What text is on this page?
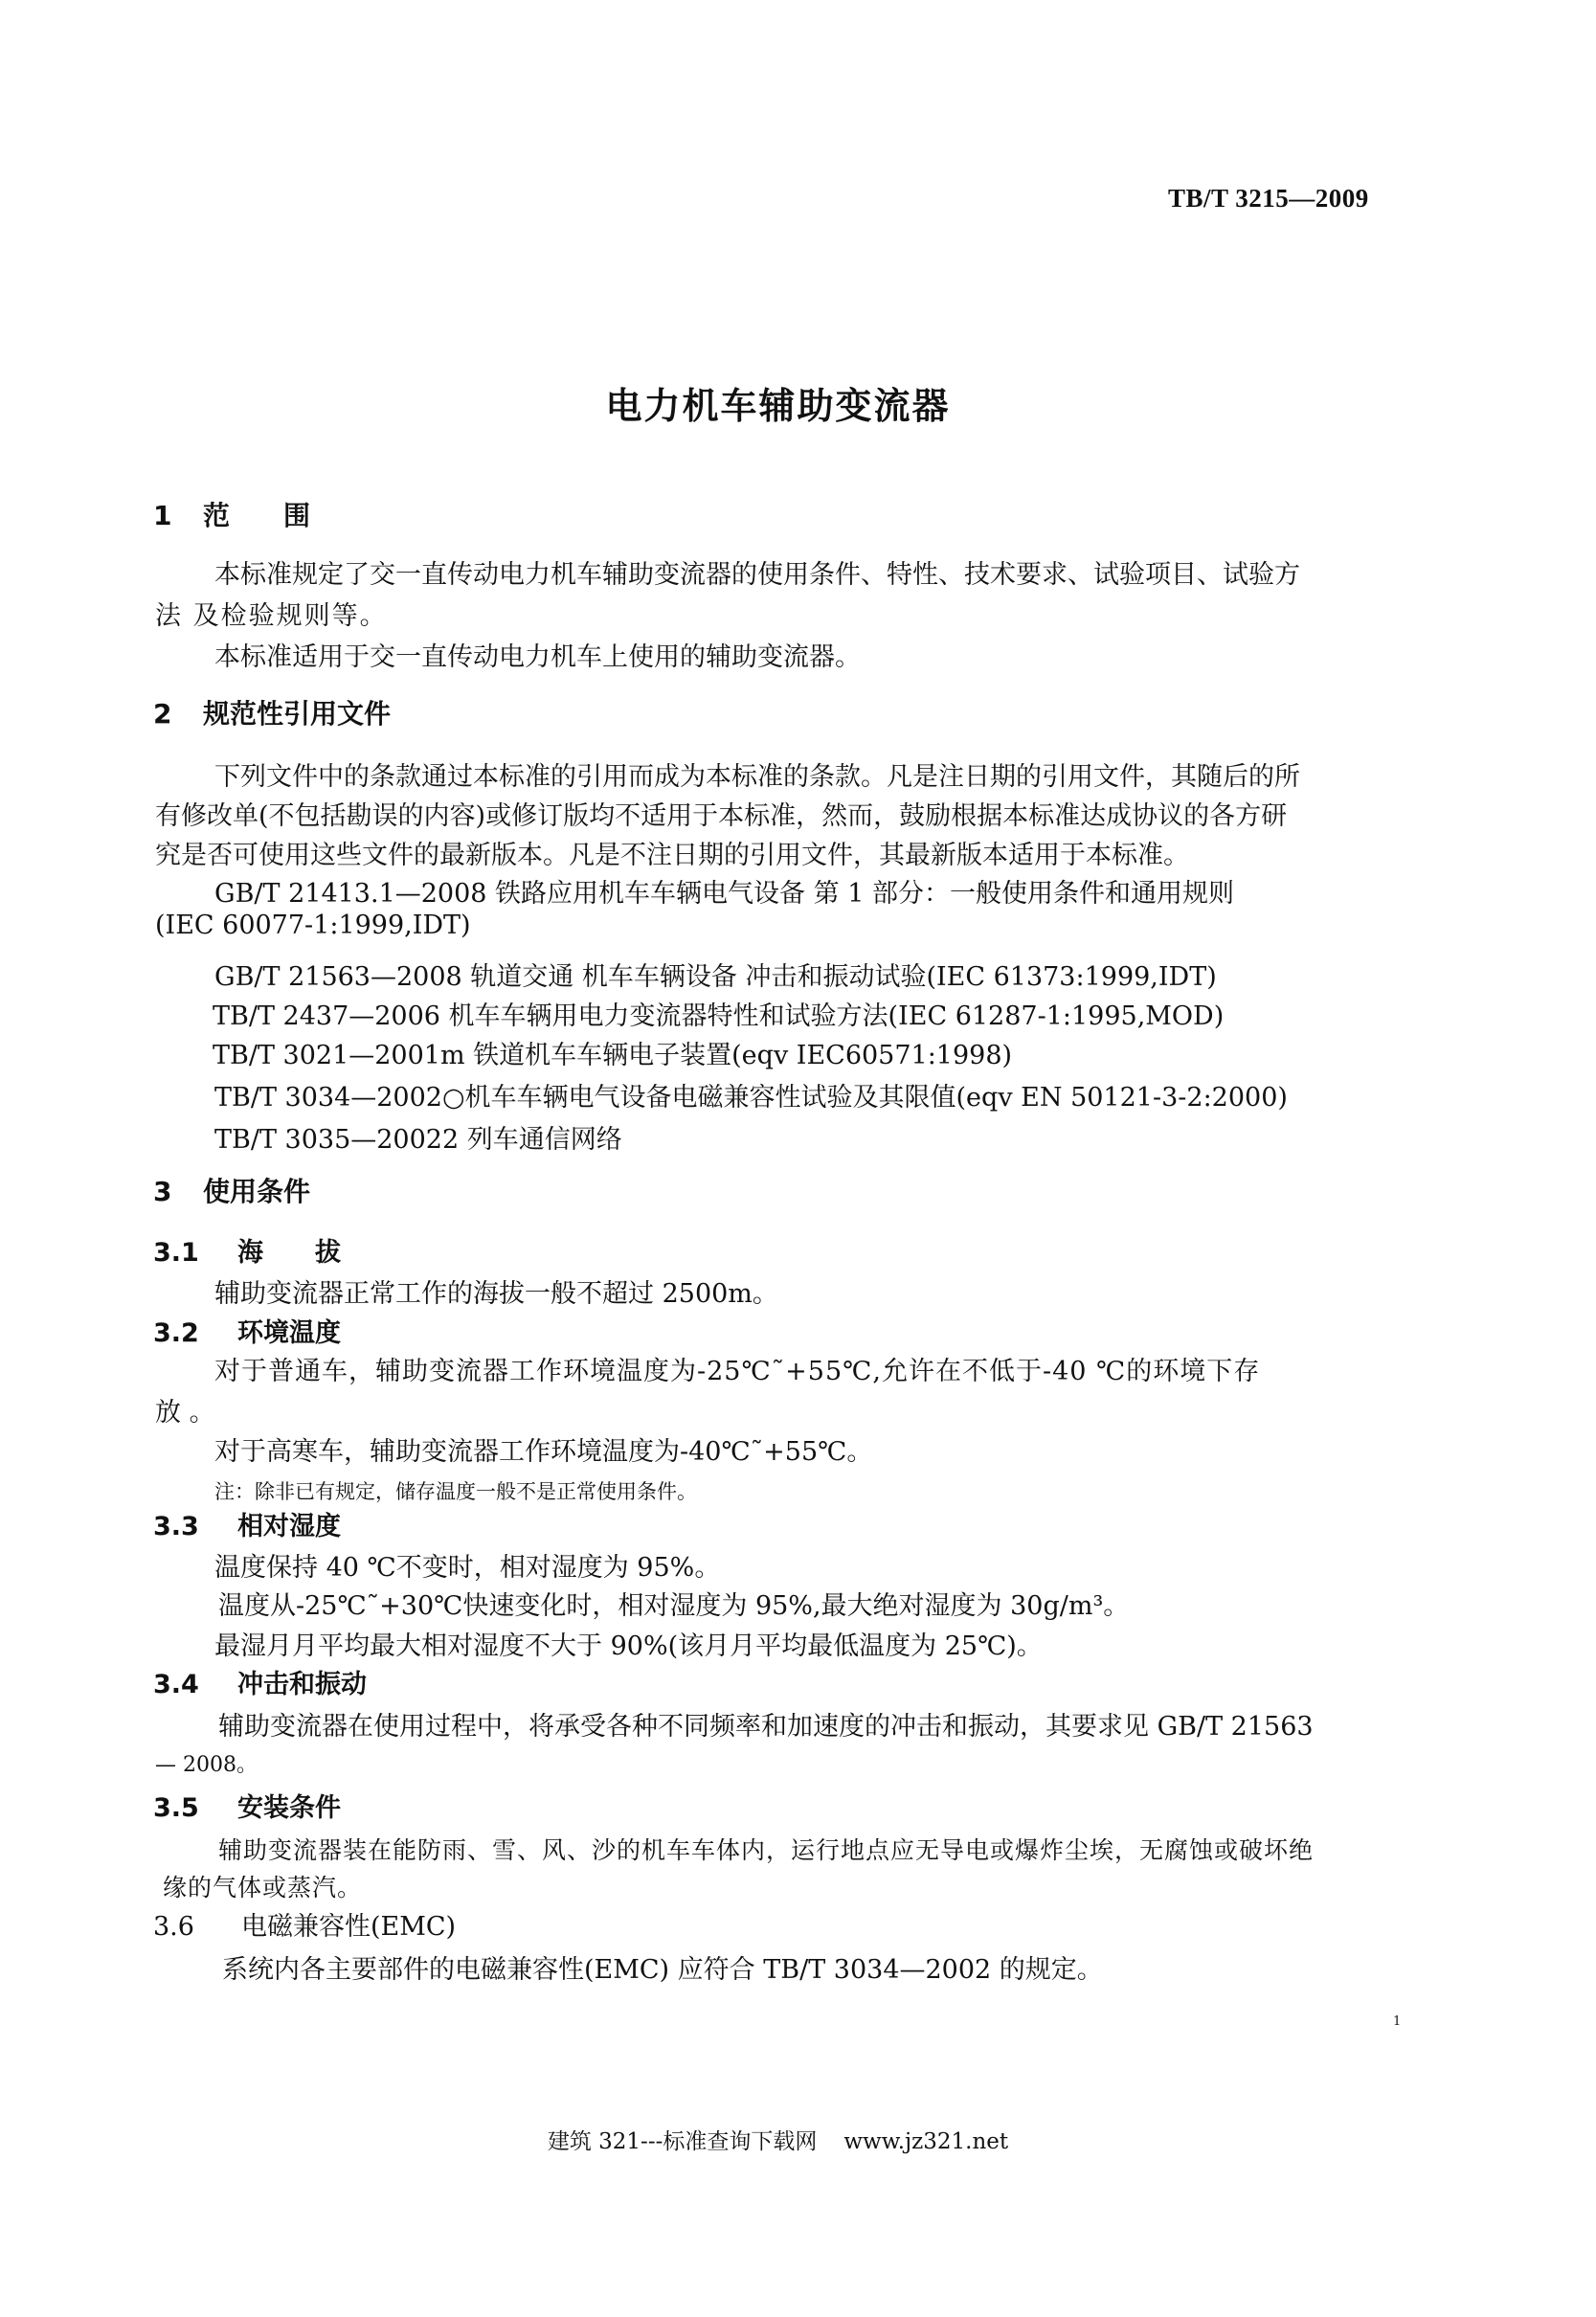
TB/T 3215—2009
电力机车辅助变流器
1 范　　围
本标准规定了交一直传动电力机车辅助变流器的使用条件、特性、技术要求、试验项目、试验方
法 及检验规则等。
本标准适用于交一直传动电力机车上使用的辅助变流器。
2 规范性引用文件
下列文件中的条款通过本标准的引用而成为本标准的条款。凡是注日期的引用文件，其随后的所
有修改单(不包括勘误的内容)或修订版均不适用于本标准，然而，鼓励根据本标准达成协议的各方研
究是否可使用这些文件的最新版本。凡是不注日期的引用文件，其最新版本适用于本标准。
GB/T 21413.1—2008 铁路应用机车车辆电气设备 第 1 部分：一般使用条件和通用规则
(IEC 60077-1:1999,IDT)
GB/T 21563—2008 轨道交通 机车车辆设备 冲击和振动试验(IEC 61373:1999,IDT)
TB/T 2437—2006 机车车辆用电力变流器特性和试验方法(IEC 61287-1:1995,MOD)
TB/T 3021—2001m 铁道机车车辆电子装置(eqv IEC60571:1998)
TB/T 3034—2002○机车车辆电气设备电磁兼容性试验及其限值(eqv EN 50121-3-2:2000)
TB/T 3035—20022 列车通信网络
3 使用条件
3.1 海　　拔
辅助变流器正常工作的海拔一般不超过 2500m。
3.2 环境温度
对于普通车，辅助变流器工作环境温度为-25℃˜+55℃,允许在不低于-40 ℃的环境下存
放 。
对于高寒车，辅助变流器工作环境温度为-40℃˜+55℃。
注：除非已有规定，储存温度一般不是正常使用条件。
3.3 相对湿度
温度保持 40 ℃不变时，相对湿度为 95%。
温度从-25℃˜+30℃快速变化时，相对湿度为 95%,最大绝对湿度为 30g/m³。
最湿月月平均最大相对湿度不大于 90%(该月月平均最低温度为 25℃)。
3.4 冲击和振动
辅助变流器在使用过程中，将承受各种不同频率和加速度的冲击和振动，其要求见 GB/T 21563
— 2008。
3.5 安装条件
辅助变流器装在能防雨、雪、风、沙的机车车体内，运行地点应无导电或爆炸尘埃，无腐蚀或破坏绝
缘的气体或蒸汽。
3.6 电磁兼容性(EMC)
系统内各主要部件的电磁兼容性(EMC) 应符合 TB/T 3034—2002 的规定。
1
建筑 321---标准查询下载网 www.jz321.net
